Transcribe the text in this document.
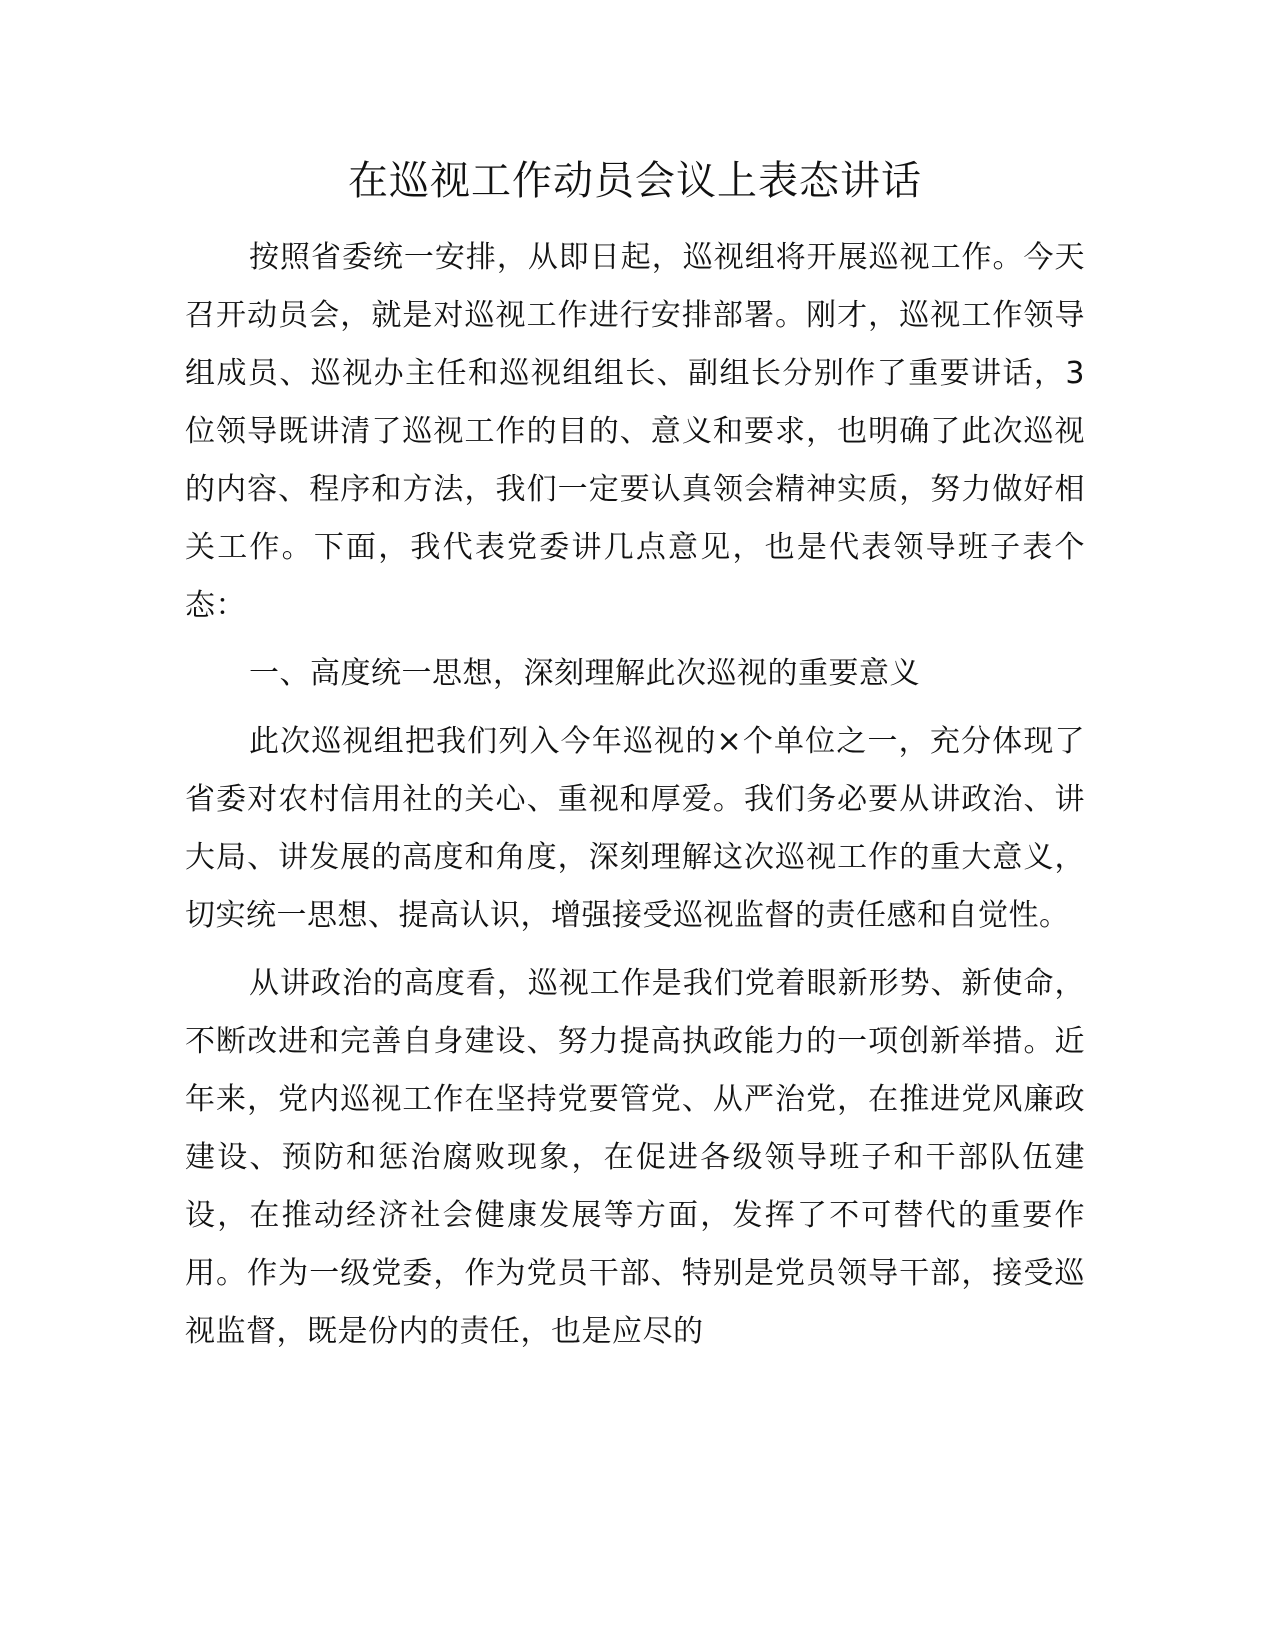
在巡视工作动员会议上表态讲话

按照省委统一安排，从即日起，巡视组将开展巡视工作。今天召开动员会，就是对巡视工作进行安排部署。刚才，巡视工作领导组成员、巡视办主任和巡视组组长、副组长分别作了重要讲话，3位领导既讲清了巡视工作的目的、意义和要求，也明确了此次巡视的内容、程序和方法，我们一定要认真领会精神实质，努力做好相关工作。下面，我代表党委讲几点意见，也是代表领导班子表个态：

一、高度统一思想，深刻理解此次巡视的重要意义

此次巡视组把我们列入今年巡视的×个单位之一，充分体现了省委对农村信用社的关心、重视和厚爱。我们务必要从讲政治、讲大局、讲发展的高度和角度，深刻理解这次巡视工作的重大意义，切实统一思想、提高认识，增强接受巡视监督的责任感和自觉性。

从讲政治的高度看，巡视工作是我们党着眼新形势、新使命，不断改进和完善自身建设、努力提高执政能力的一项创新举措。近年来，党内巡视工作在坚持党要管党、从严治党，在推进党风廉政建设、预防和惩治腐败现象，在促进各级领导班子和干部队伍建设，在推动经济社会健康发展等方面，发挥了不可替代的重要作用。作为一级党委，作为党员干部、特别是党员领导干部，接受巡视监督，既是份内的责任，也是应尽的
